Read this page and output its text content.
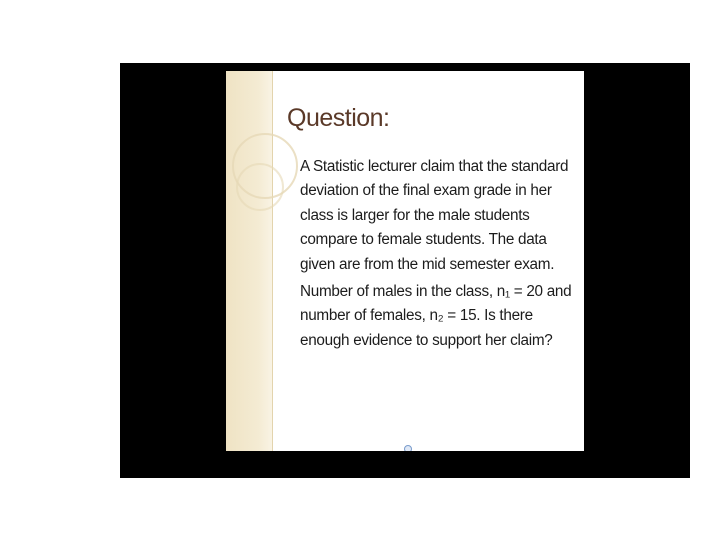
Question:

A Statistic lecturer claim that the standard
deviation of the final exam grade in her
class is larger for the male students
compare to female students. The data
given are from the mid semester exam.

Number of males in the class, n₁ = 20 and
number of females, n₂ = 15. Is there
enough evidence to support her claim?
